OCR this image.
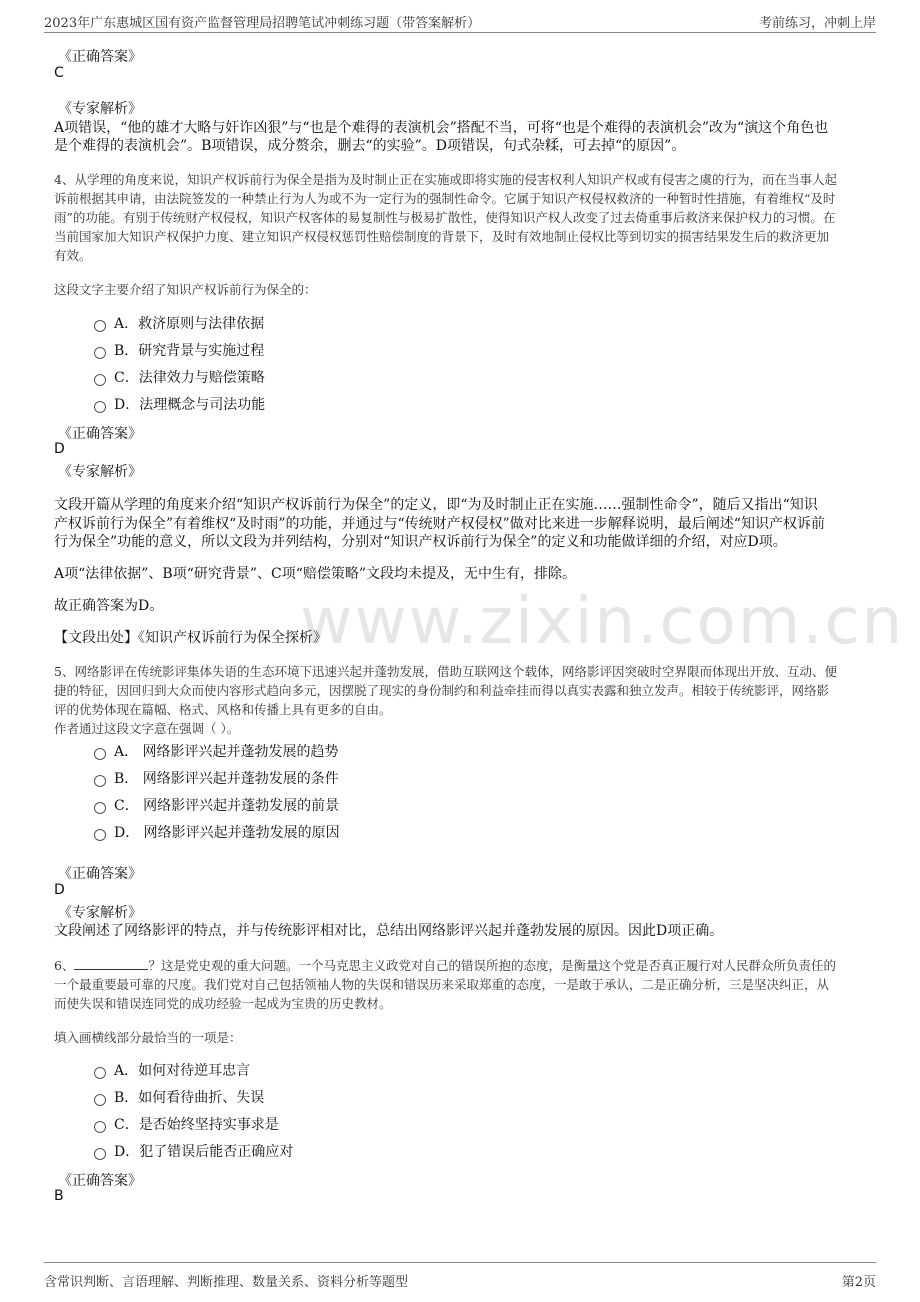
2023年广东惠城区国有资产监督管理局招聘笔试冲刺练习题（带答案解析）	考前练习，冲刺上岸
www.zixin.com.cn
《正确答案》
C
《专家解析》
A项错误，“他的雄才大略与奸诈凶狠”与“也是个难得的表演机会”搭配不当，可将“也是个难得的表演机会”改为“演这个角色也
是个难得的表演机会”。B项错误，成分赘余，删去“的实验”。D项错误，句式杂糅，可去掉“的原因”。
4、从学理的角度来说，知识产权诉前行为保全是指为及时制止正在实施或即将实施的侵害权利人知识产权或有侵害之虞的行为，而在当事人起
诉前根据其申请，由法院签发的一种禁止行为人为或不为一定行为的强制性命令。它属于知识产权侵权救济的一种暂时性措施，有着维权“及时
雨”的功能。有别于传统财产权侵权，知识产权客体的易复制性与极易扩散性，使得知识产权人改变了过去倚重事后救济来保护权力的习惯。在
当前国家加大知识产权保护力度、建立知识产权侵权惩罚性赔偿制度的背景下，及时有效地制止侵权比等到切实的损害结果发生后的救济更加
有效。
这段文字主要介绍了知识产权诉前行为保全的：
A．救济原则与法律依据
B．研究背景与实施过程
C．法律效力与赔偿策略
D．法理概念与司法功能
《正确答案》
D
《专家解析》
文段开篇从学理的角度来介绍“知识产权诉前行为保全”的定义，即“为及时制止正在实施……强制性命令”，随后又指出“知识
产权诉前行为保全”有着维权“及时雨”的功能，并通过与“传统财产权侵权”做对比来进一步解释说明，最后阐述“知识产权诉前
行为保全”功能的意义，所以文段为并列结构，分别对“知识产权诉前行为保全”的定义和功能做详细的介绍，对应D项。
A项“法律依据”、B项“研究背景”、C项“赔偿策略”文段均未提及，无中生有，排除。
故正确答案为D。
【文段出处】《知识产权诉前行为保全探析》
5、网络影评在传统影评集体失语的生态环境下迅速兴起并蓬勃发展，借助互联网这个载体，网络影评因突破时空界限而体现出开放、互动、便
捷的特征，因回归到大众而使内容形式趋向多元，因摆脱了现实的身份制约和利益牵挂而得以真实表露和独立发声。相较于传统影评，网络影
评的优势体现在篇幅、格式、风格和传播上具有更多的自由。
作者通过这段文字意在强调（ ）。
A． 网络影评兴起并蓬勃发展的趋势
B． 网络影评兴起并蓬勃发展的条件
C． 网络影评兴起并蓬勃发展的前景
D． 网络影评兴起并蓬勃发展的原因
《正确答案》
D
《专家解析》
文段阐述了网络影评的特点，并与传统影评相对比，总结出网络影评兴起并蓬勃发展的原因。因此D项正确。
6、	？这是党史观的重大问题。一个马克思主义政党对自己的错误所抱的态度，是衡量这个党是否真正履行对人民群众所负责任的
一个最重要最可靠的尺度。我们党对自己包括领袖人物的失误和错误历来采取郑重的态度，一是敢于承认，二是正确分析，三是坚决纠正，从
而使失误和错误连同党的成功经验一起成为宝贵的历史教材。
填入画横线部分最恰当的一项是：
A．如何对待逆耳忠言
B．如何看待曲折、失误
C．是否始终坚持实事求是
D．犯了错误后能否正确应对
《正确答案》
B
含常识判断、言语理解、判断推理、数量关系、资料分析等题型	第2页
